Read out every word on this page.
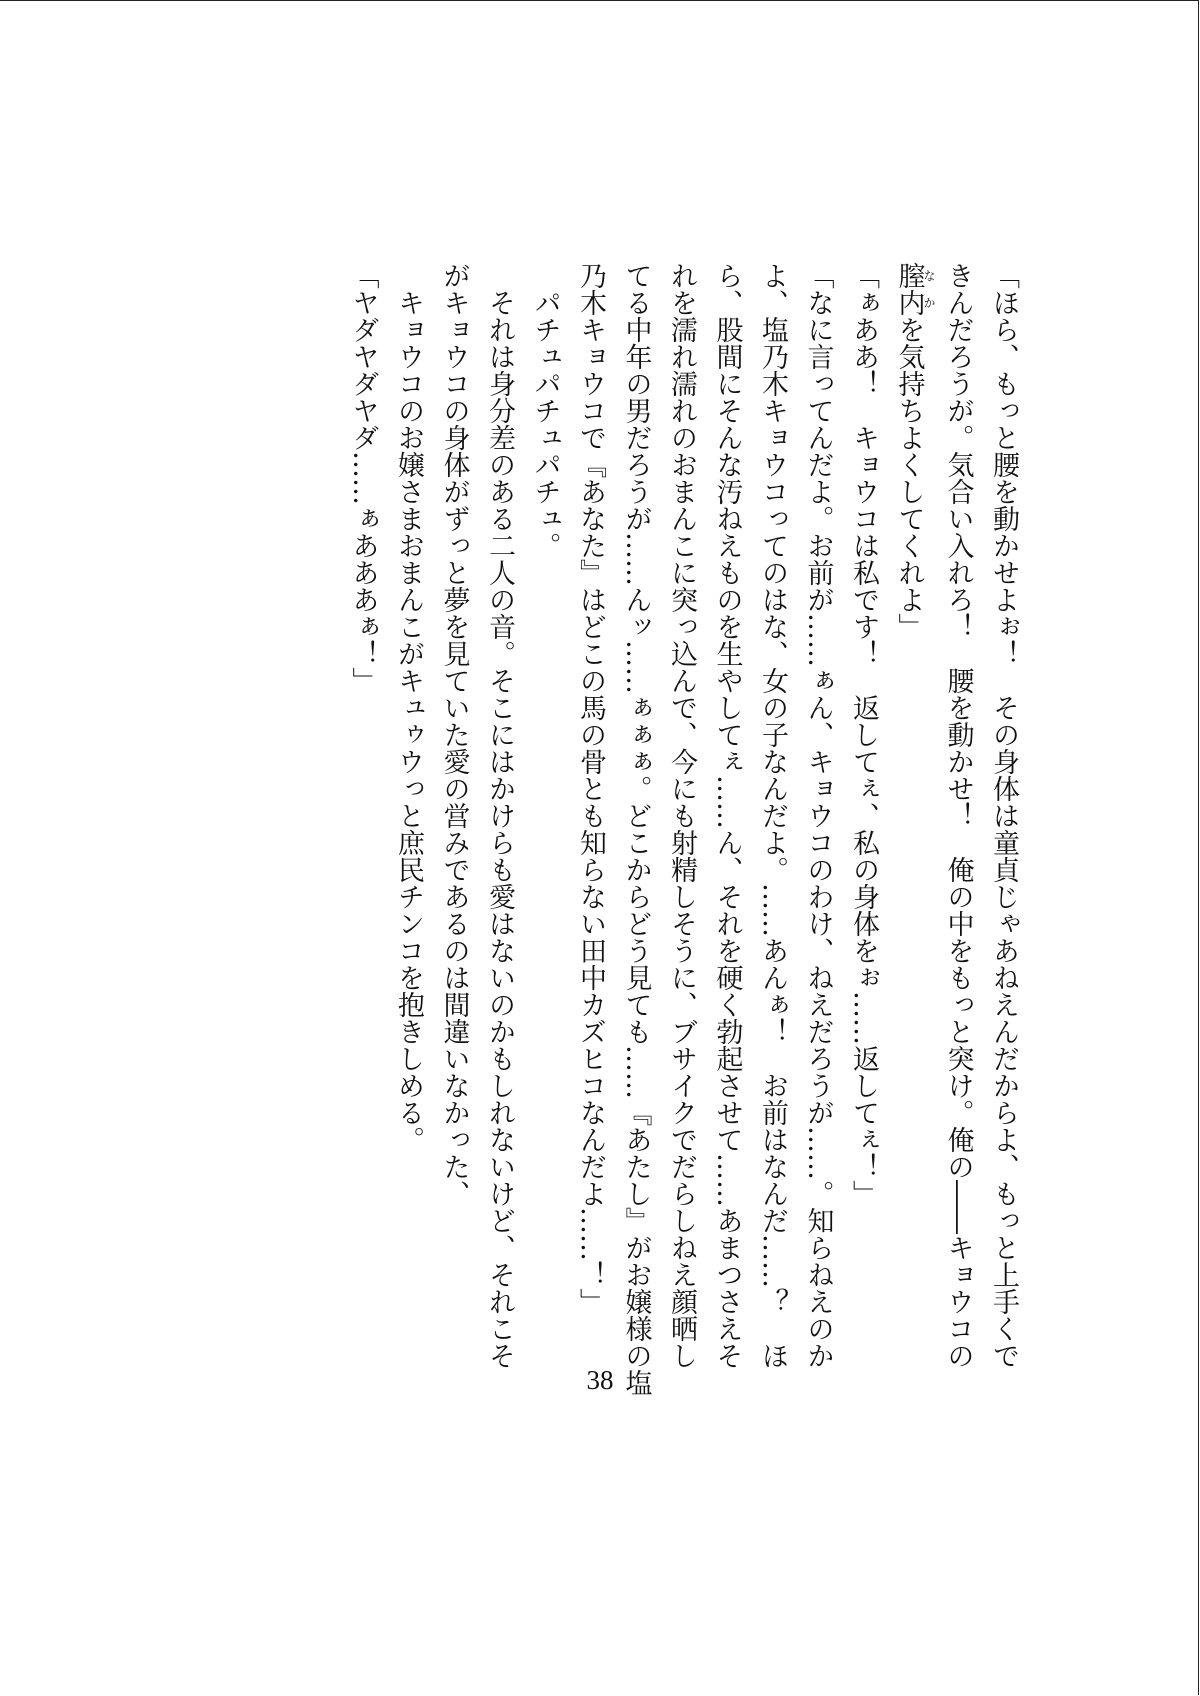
「ほら、もっと腰を動かせよぉ！　その身体は童貞じゃあねえんだからよ、もっと上手くで
きんだろうが。気合い入れろ！　腰を動かせ！　俺の中をもっと突け。俺の――キョウコの
膣内なかを気持ちよくしてくれよ」
「ぁああ！　キョウコは私です！　返してぇ、私の身体をぉ……返してぇ！」
「なに言ってんだよ。お前が……ぁん、キョウコのわけ、ねえだろうが……。知らねえのか
よ、塩乃木キョウコってのはな、女の子なんだよ。……あんぁ！　お前はなんだ……？　ほ
ら、股間にそんな汚ねえものを生やしてぇ……ん、それを硬く勃起させて……あまつさえそ
れを濡れ濡れのおまんこに突っ込んで、今にも射精しそうに、ブサイクでだらしねえ顔晒し
てる中年の男だろうが……んッ……ぁぁぁ。どこからどう見ても……『あたし』がお嬢様の塩
乃木キョウコで『あなた』はどこの馬の骨とも知らない田中カズヒコなんだよ……！」
　パチュパチュパチュ。
　それは身分差のある二人の音。そこにはかけらも愛はないのかもしれないけど、それこそ
がキョウコの身体がずっと夢を見ていた愛の営みであるのは間違いなかった、
　キョウコのお嬢さまおまんこがキュゥウっと庶民チンコを抱きしめる。
「ヤダヤダヤダ……ぁあああぁ！」
38
